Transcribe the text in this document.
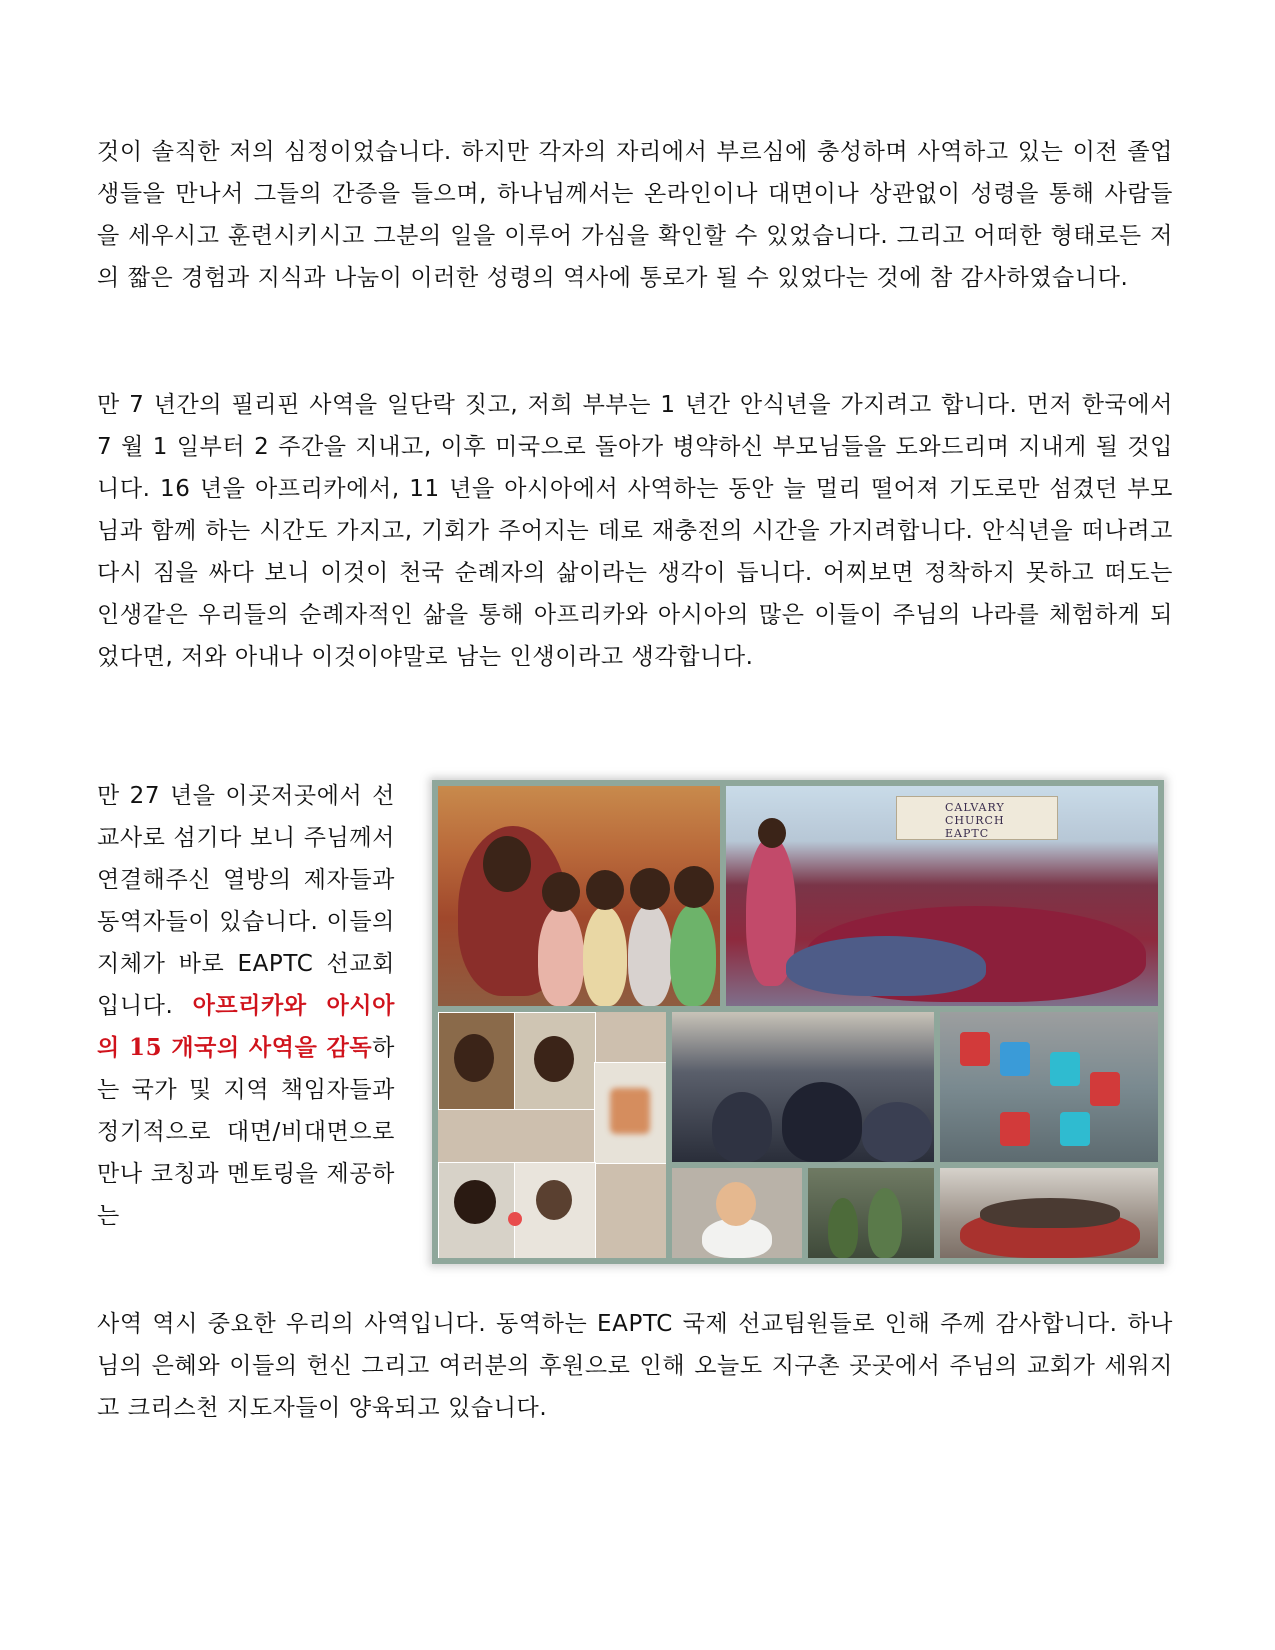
것이 솔직한 저의 심정이었습니다. 하지만 각자의 자리에서 부르심에 충성하며 사역하고 있는 이전 졸업생들을 만나서 그들의 간증을 들으며, 하나님께서는 온라인이나 대면이나 상관없이 성령을 통해 사람들을 세우시고 훈련시키시고 그분의 일을 이루어 가심을 확인할 수 있었습니다. 그리고 어떠한 형태로든 저의 짧은 경험과 지식과 나눔이 이러한 성령의 역사에 통로가 될 수 있었다는 것에 참 감사하였습니다.

만 7 년간의 필리핀 사역을 일단락 짓고, 저희 부부는 1 년간 안식년을 가지려고 합니다. 먼저 한국에서 7 월 1 일부터 2 주간을 지내고, 이후 미국으로 돌아가 병약하신 부모님들을 도와드리며 지내게 될 것입니다. 16 년을 아프리카에서, 11 년을 아시아에서 사역하는 동안 늘 멀리 떨어져 기도로만 섬겼던 부모님과 함께 하는 시간도 가지고, 기회가 주어지는 데로 재충전의 시간을 가지려합니다. 안식년을 떠나려고 다시 짐을 싸다 보니 이것이 천국 순례자의 삶이라는 생각이 듭니다. 어찌보면 정착하지 못하고 떠도는 인생같은 우리들의 순례자적인 삶을 통해 아프리카와 아시아의 많은 이들이 주님의 나라를 체험하게 되었다면, 저와 아내나 이것이야말로 남는 인생이라고 생각합니다.

만 27 년을 이곳저곳에서 선교사로 섬기다 보니 주님께서 연결해주신 열방의 제자들과 동역자들이 있습니다. 이들의 지체가 바로 EAPTC 선교회입니다. 아프리카와 아시아의 15 개국의 사역을 감독하는 국가 및 지역 책임자들과 정기적으로 대면/비대면으로 만나 코칭과 멘토링을 제공하는

사역 역시 중요한 우리의 사역입니다. 동역하는 EAPTC 국제 선교팀원들로 인해 주께 감사합니다. 하나님의 은혜와 이들의 헌신 그리고 여러분의 후원으로 인해 오늘도 지구촌 곳곳에서 주님의 교회가 세워지고 크리스천 지도자들이 양육되고 있습니다.

CALVARY
CHURCH
EAPTC
